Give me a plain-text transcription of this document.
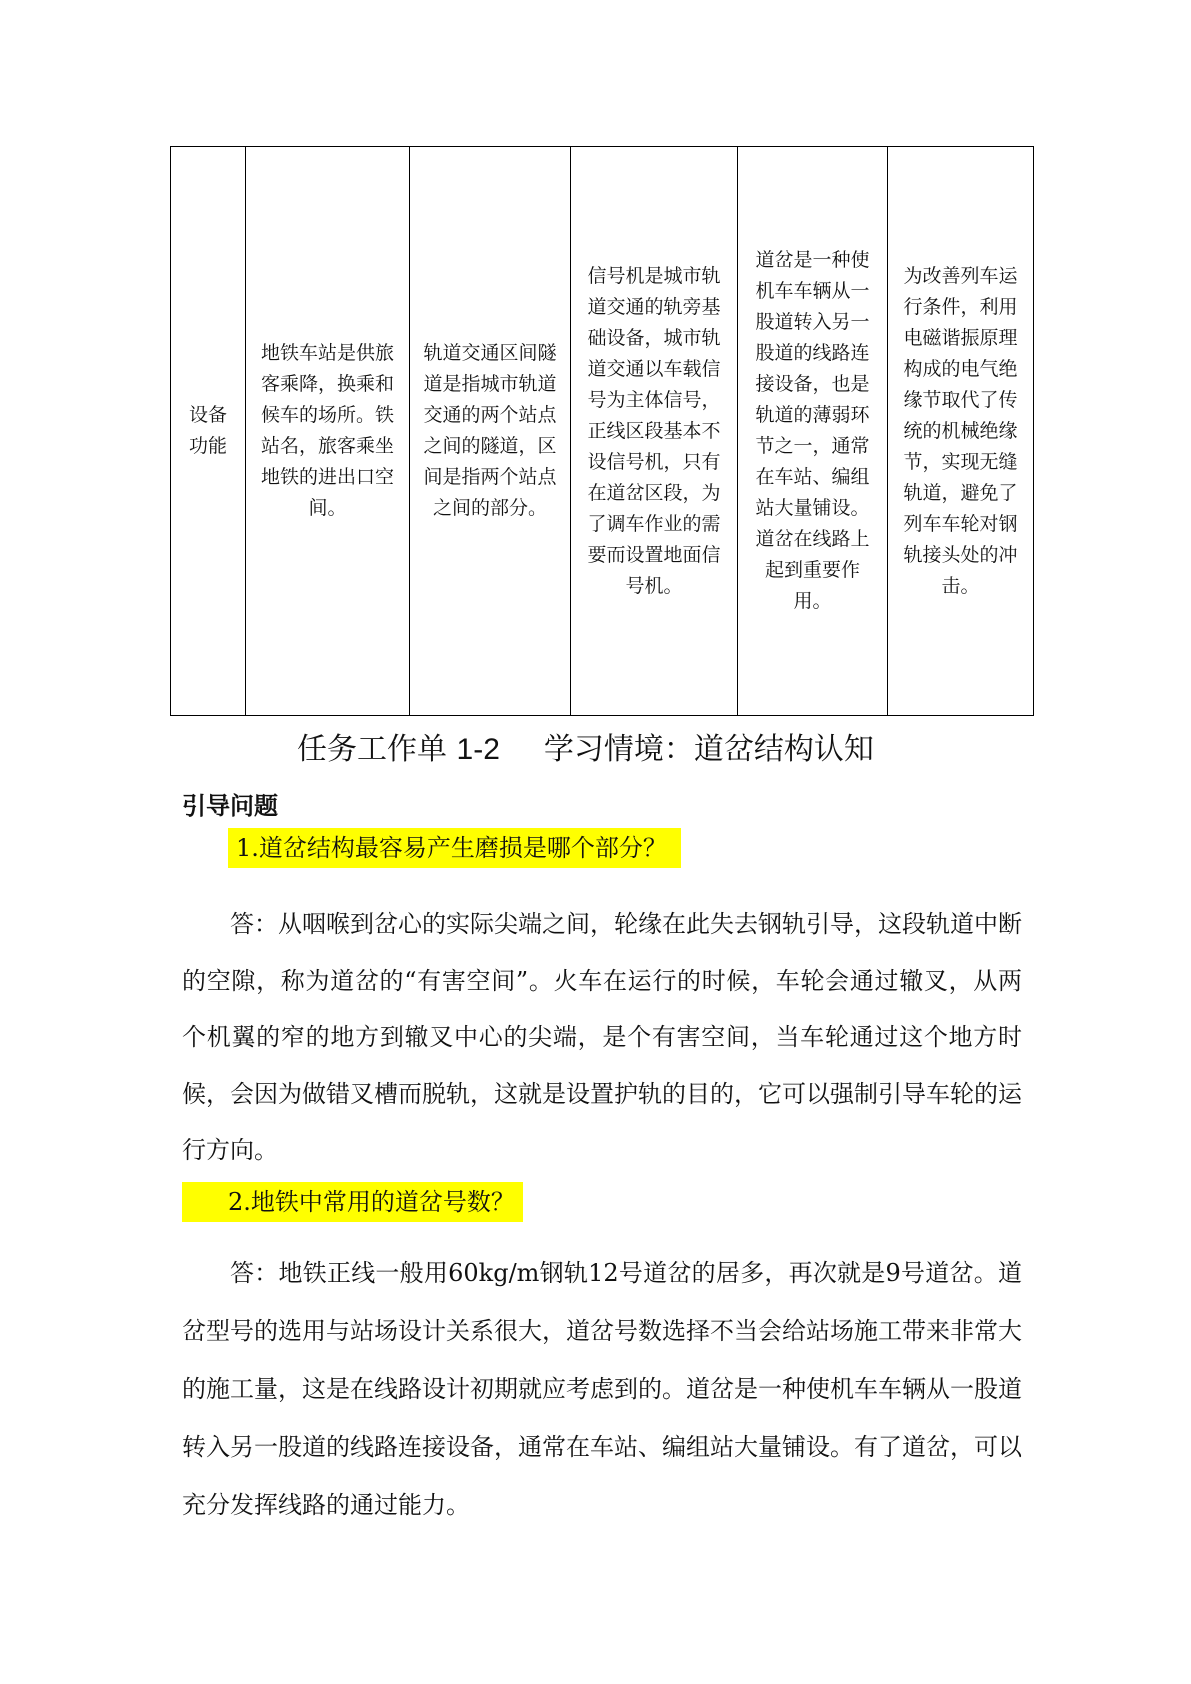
设备功能	地铁车站是供旅客乘降，换乘和候车的场所。铁站名，旅客乘坐地铁的进出口空间。	轨道交通区间隧道是指城市轨道交通的两个站点之间的隧道，区间是指两个站点之间的部分。	信号机是城市轨道交通的轨旁基础设备，城市轨道交通以车载信号为主体信号，正线区段基本不设信号机，只有在道岔区段，为了调车作业的需要而设置地面信号机。	道岔是一种使机车车辆从一股道转入另一股道的线路连接设备，也是轨道的薄弱环节之一，通常在车站、编组站大量铺设。道岔在线路上起到重要作用。	为改善列车运行条件，利用电磁谐振原理构成的电气绝缘节取代了传统的机械绝缘节，实现无缝轨道，避免了列车车轮对钢轨接头处的冲击。
任务工作单 1-2 学习情境：道岔结构认知
引导问题
1.道岔结构最容易产生磨损是哪个部分？

答：从咽喉到岔心的实际尖端之间，轮缘在此失去钢轨引导，这段轨道中断的空隙，称为道岔的“有害空间”。火车在运行的时候，车轮会通过辙叉，从两个机翼的窄的地方到辙叉中心的尖端，是个有害空间，当车轮通过这个地方时候，会因为做错叉槽而脱轨，这就是设置护轨的目的，它可以强制引导车轮的运行方向。

2.地铁中常用的道岔号数？

答：地铁正线一般用60kg/m钢轨12号道岔的居多，再次就是9号道岔。道岔型号的选用与站场设计关系很大，道岔号数选择不当会给站场施工带来非常大的施工量，这是在线路设计初期就应考虑到的。道岔是一种使机车车辆从一股道转入另一股道的线路连接设备，通常在车站、编组站大量铺设。有了道岔，可以充分发挥线路的通过能力。
